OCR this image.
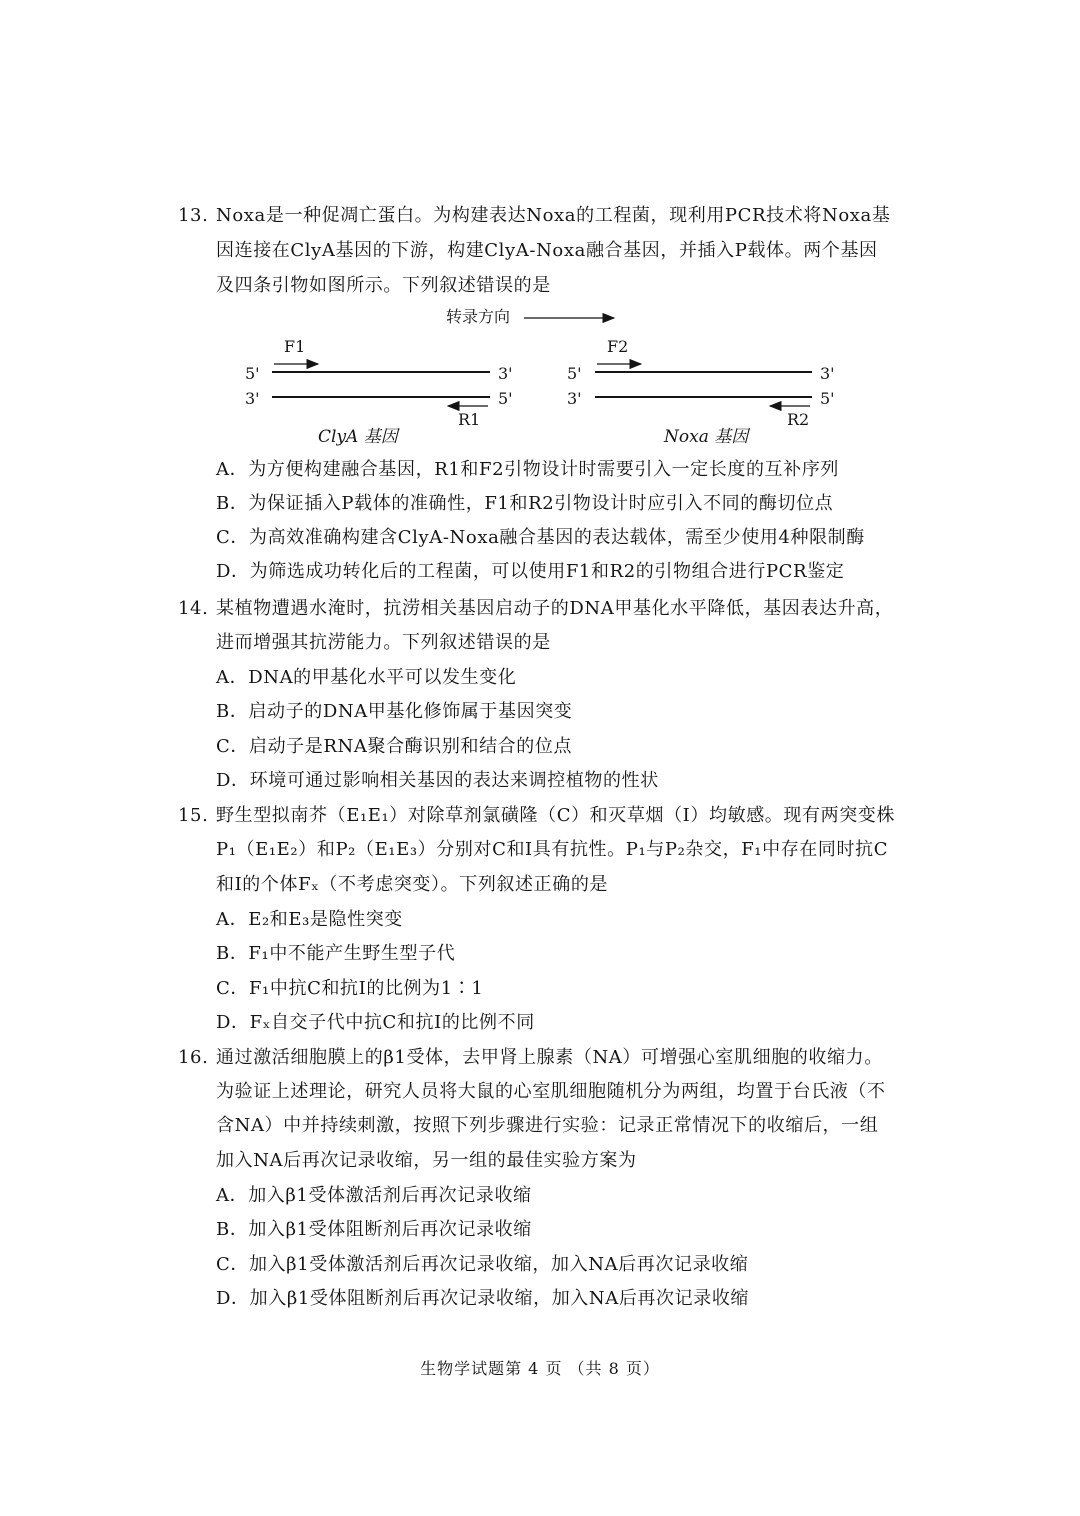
13. Noxa是一种促凋亡蛋白。为构建表达Noxa的工程菌，现利用PCR技术将Noxa基
因连接在ClyA基因的下游，构建ClyA-Noxa融合基因，并插入P载体。两个基因
及四条引物如图所示。下列叙述错误的是
转录方向
F1
R1
F2
R2
5'	3'
3'	5'
5'	3'
3'	5'
ClyA 基因	Noxa 基因
A．为方便构建融合基因，R1和F2引物设计时需要引入一定长度的互补序列
B．为保证插入P载体的准确性，F1和R2引物设计时应引入不同的酶切位点
C．为高效准确构建含ClyA-Noxa融合基因的表达载体，需至少使用4种限制酶
D．为筛选成功转化后的工程菌，可以使用F1和R2的引物组合进行PCR鉴定
14. 某植物遭遇水淹时，抗涝相关基因启动子的DNA甲基化水平降低，基因表达升高，
进而增强其抗涝能力。下列叙述错误的是
A．DNA的甲基化水平可以发生变化
B．启动子的DNA甲基化修饰属于基因突变
C．启动子是RNA聚合酶识别和结合的位点
D．环境可通过影响相关基因的表达来调控植物的性状
15. 野生型拟南芥（E₁E₁）对除草剂氯磺隆（C）和灭草烟（I）均敏感。现有两突变株
P₁（E₁E₂）和P₂（E₁E₃）分别对C和I具有抗性。P₁与P₂杂交，F₁中存在同时抗C
和I的个体Fₓ（不考虑突变）。下列叙述正确的是
A．E₂和E₃是隐性突变
B．F₁中不能产生野生型子代
C．F₁中抗C和抗I的比例为1∶1
D．Fₓ自交子代中抗C和抗I的比例不同
16. 通过激活细胞膜上的β1受体，去甲肾上腺素（NA）可增强心室肌细胞的收缩力。
为验证上述理论，研究人员将大鼠的心室肌细胞随机分为两组，均置于台氏液（不
含NA）中并持续刺激，按照下列步骤进行实验：记录正常情况下的收缩后，一组
加入NA后再次记录收缩，另一组的最佳实验方案为
A．加入β1受体激活剂后再次记录收缩
B．加入β1受体阻断剂后再次记录收缩
C．加入β1受体激活剂后再次记录收缩，加入NA后再次记录收缩
D．加入β1受体阻断剂后再次记录收缩，加入NA后再次记录收缩
生物学试题第 4 页 （共 8 页）
